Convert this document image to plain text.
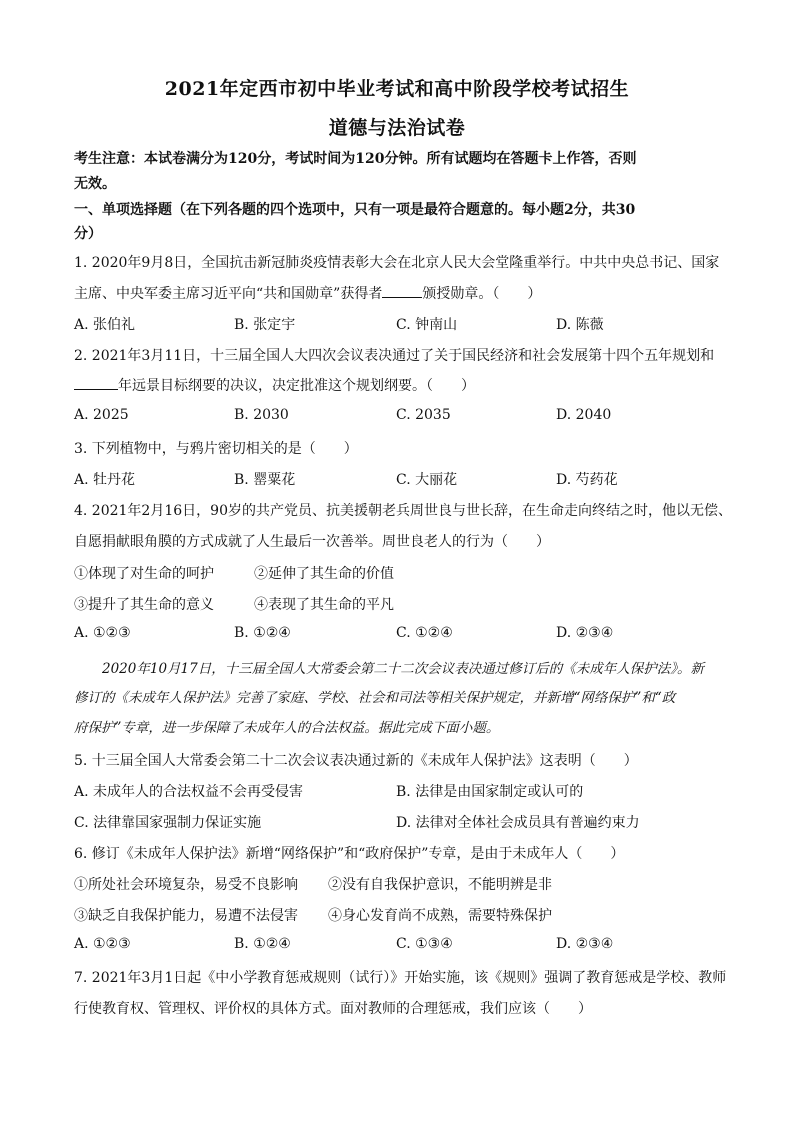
2021年定西市初中毕业考试和高中阶段学校考试招生
道德与法治试卷
考生注意：本试卷满分为120分，考试时间为120分钟。所有试题均在答题卡上作答，否则
无效。
一、单项选择题（在下列各题的四个选项中，只有一项是最符合题意的。每小题2分，共30
分）
1. 2020年9月8日，全国抗击新冠肺炎疫情表彰大会在北京人民大会堂隆重举行。中共中央总书记、国家
主席、中央军委主席习近平向“共和国勋章”获得者	颁授勋章。（　　）
A. 张伯礼	B. 张定宇	C. 钟南山	D. 陈薇
2. 2021年3月11日，十三届全国人大四次会议表决通过了关于国民经济和社会发展第十四个五年规划和
年远景目标纲要的决议，决定批准这个规划纲要。（　　）
A. 2025	B. 2030	C. 2035	D. 2040
3. 下列植物中，与鸦片密切相关的是（　　）
A. 牡丹花	B. 罂粟花	C. 大丽花	D. 芍药花
4. 2021年2月16日，90岁的共产党员、抗美援朝老兵周世良与世长辞，在生命走向终结之时，他以无偿、
自愿捐献眼角膜的方式成就了人生最后一次善举。周世良老人的行为（　　）
①体现了对生命的呵护	②延伸了其生命的价值
③提升了其生命的意义	④表现了其生命的平凡
A. ①②③	B. ①②④	C. ①②④	D. ②③④
2020年10月17日，十三届全国人大常委会第二十二次会议表决通过修订后的《未成年人保护法》。新
修订的《未成年人保护法》完善了家庭、学校、社会和司法等相关保护规定，并新增“网络保护”和“政
府保护”专章，进一步保障了未成年人的合法权益。据此完成下面小题。
5. 十三届全国人大常委会第二十二次会议表决通过新的《未成年人保护法》这表明（　　）
A. 未成年人的合法权益不会再受侵害	B. 法律是由国家制定或认可的
C. 法律靠国家强制力保证实施	D. 法律对全体社会成员具有普遍约束力
6. 修订《未成年人保护法》新增“网络保护”和“政府保护”专章，是由于未成年人（　　）
①所处社会环境复杂，易受不良影响 ②没有自我保护意识，不能明辨是非
③缺乏自我保护能力，易遭不法侵害 ④身心发育尚不成熟，需要特殊保护
A. ①②③	B. ①②④	C. ①③④	D. ②③④
7. 2021年3月1日起《中小学教育惩戒规则（试行）》开始实施，该《规则》强调了教育惩戒是学校、教师
行使教育权、管理权、评价权的具体方式。面对教师的合理惩戒，我们应该（　　）
